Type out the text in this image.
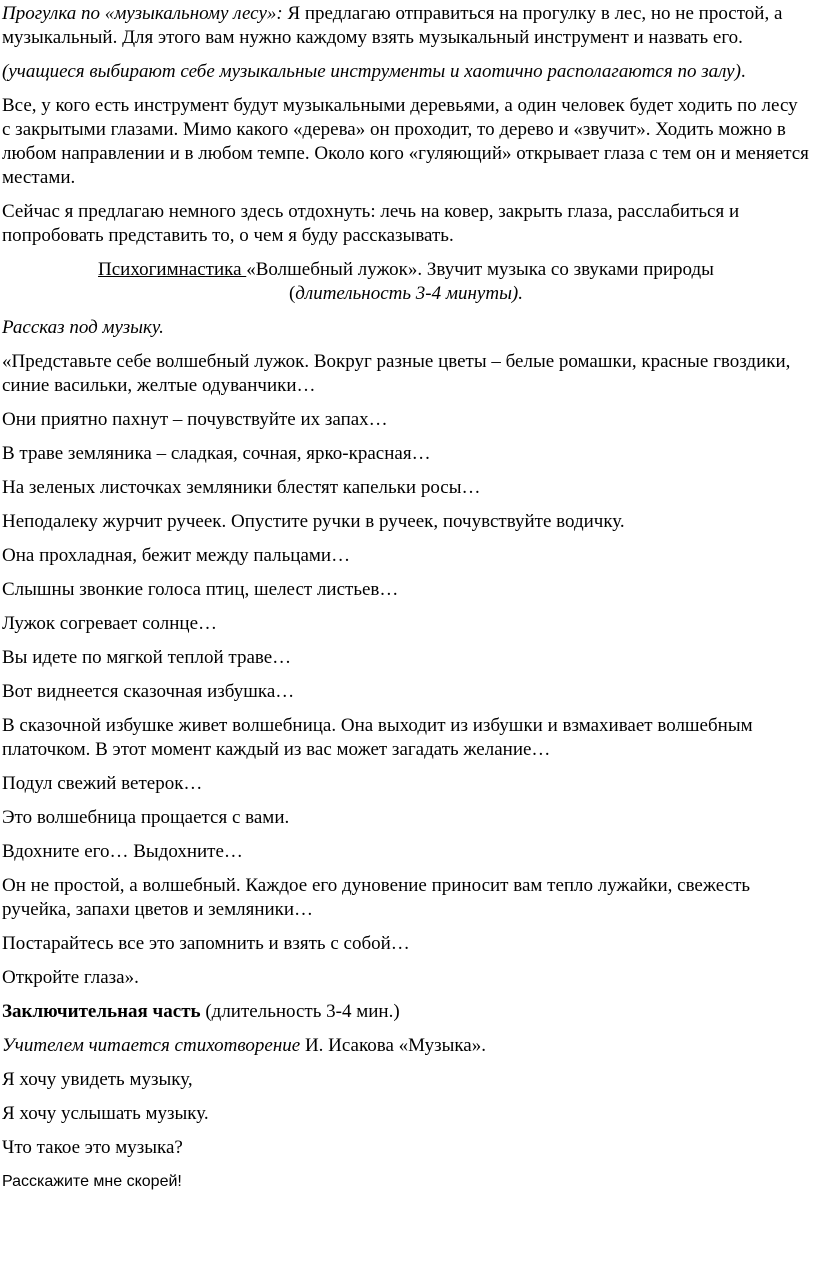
Прогулка по «музыкальному лесу»: Я предлагаю отправиться на прогулку в лес, но не простой, а музыкальный. Для этого вам нужно каждому взять музыкальный инструмент и назвать его.

(учащиеся выбирают себе музыкальные инструменты и хаотично располагаются по залу).

Все, у кого есть инструмент будут музыкальными деревьями, а один человек будет ходить по лесу с закрытыми глазами. Мимо какого «дерева» он проходит, то дерево и «звучит». Ходить можно в любом направлении и в любом темпе. Около кого «гуляющий» открывает глаза с тем он и меняется местами.

Сейчас я предлагаю немного здесь отдохнуть: лечь на ковер, закрыть глаза, расслабиться и попробовать представить то, о чем я буду рассказывать.

Психогимнастика «Волшебный лужок». Звучит музыка со звуками природы
(длительность 3-4 минуты).

Рассказ под музыку.

«Представьте себе волшебный лужок. Вокруг разные цветы – белые ромашки, красные гвоздики, синие васильки, желтые одуванчики…

Они приятно пахнут – почувствуйте их запах…

В траве земляника – сладкая, сочная, ярко-красная…

На зеленых листочках земляники блестят капельки росы…

Неподалеку журчит ручеек. Опустите ручки в ручеек, почувствуйте водичку.

Она прохладная, бежит между пальцами…

Слышны звонкие голоса птиц, шелест листьев…

Лужок согревает солнце…

Вы идете по мягкой теплой траве…

Вот виднеется сказочная избушка…

В сказочной избушке живет волшебница. Она выходит из избушки и взмахивает волшебным платочком. В этот момент каждый из вас может загадать желание…

Подул свежий ветерок…

Это волшебница прощается с вами.

Вдохните его… Выдохните…

Он не простой, а волшебный. Каждое его дуновение приносит вам тепло лужайки, свежесть ручейка, запахи цветов и земляники…

Постарайтесь все это запомнить и взять с собой…

Откройте глаза».

Заключительная часть (длительность 3-4 мин.)

Учителем читается стихотворение И. Исакова «Музыка».

Я хочу увидеть музыку,

Я хочу услышать музыку.

Что такое это музыка?

Расскажите мне скорей!
